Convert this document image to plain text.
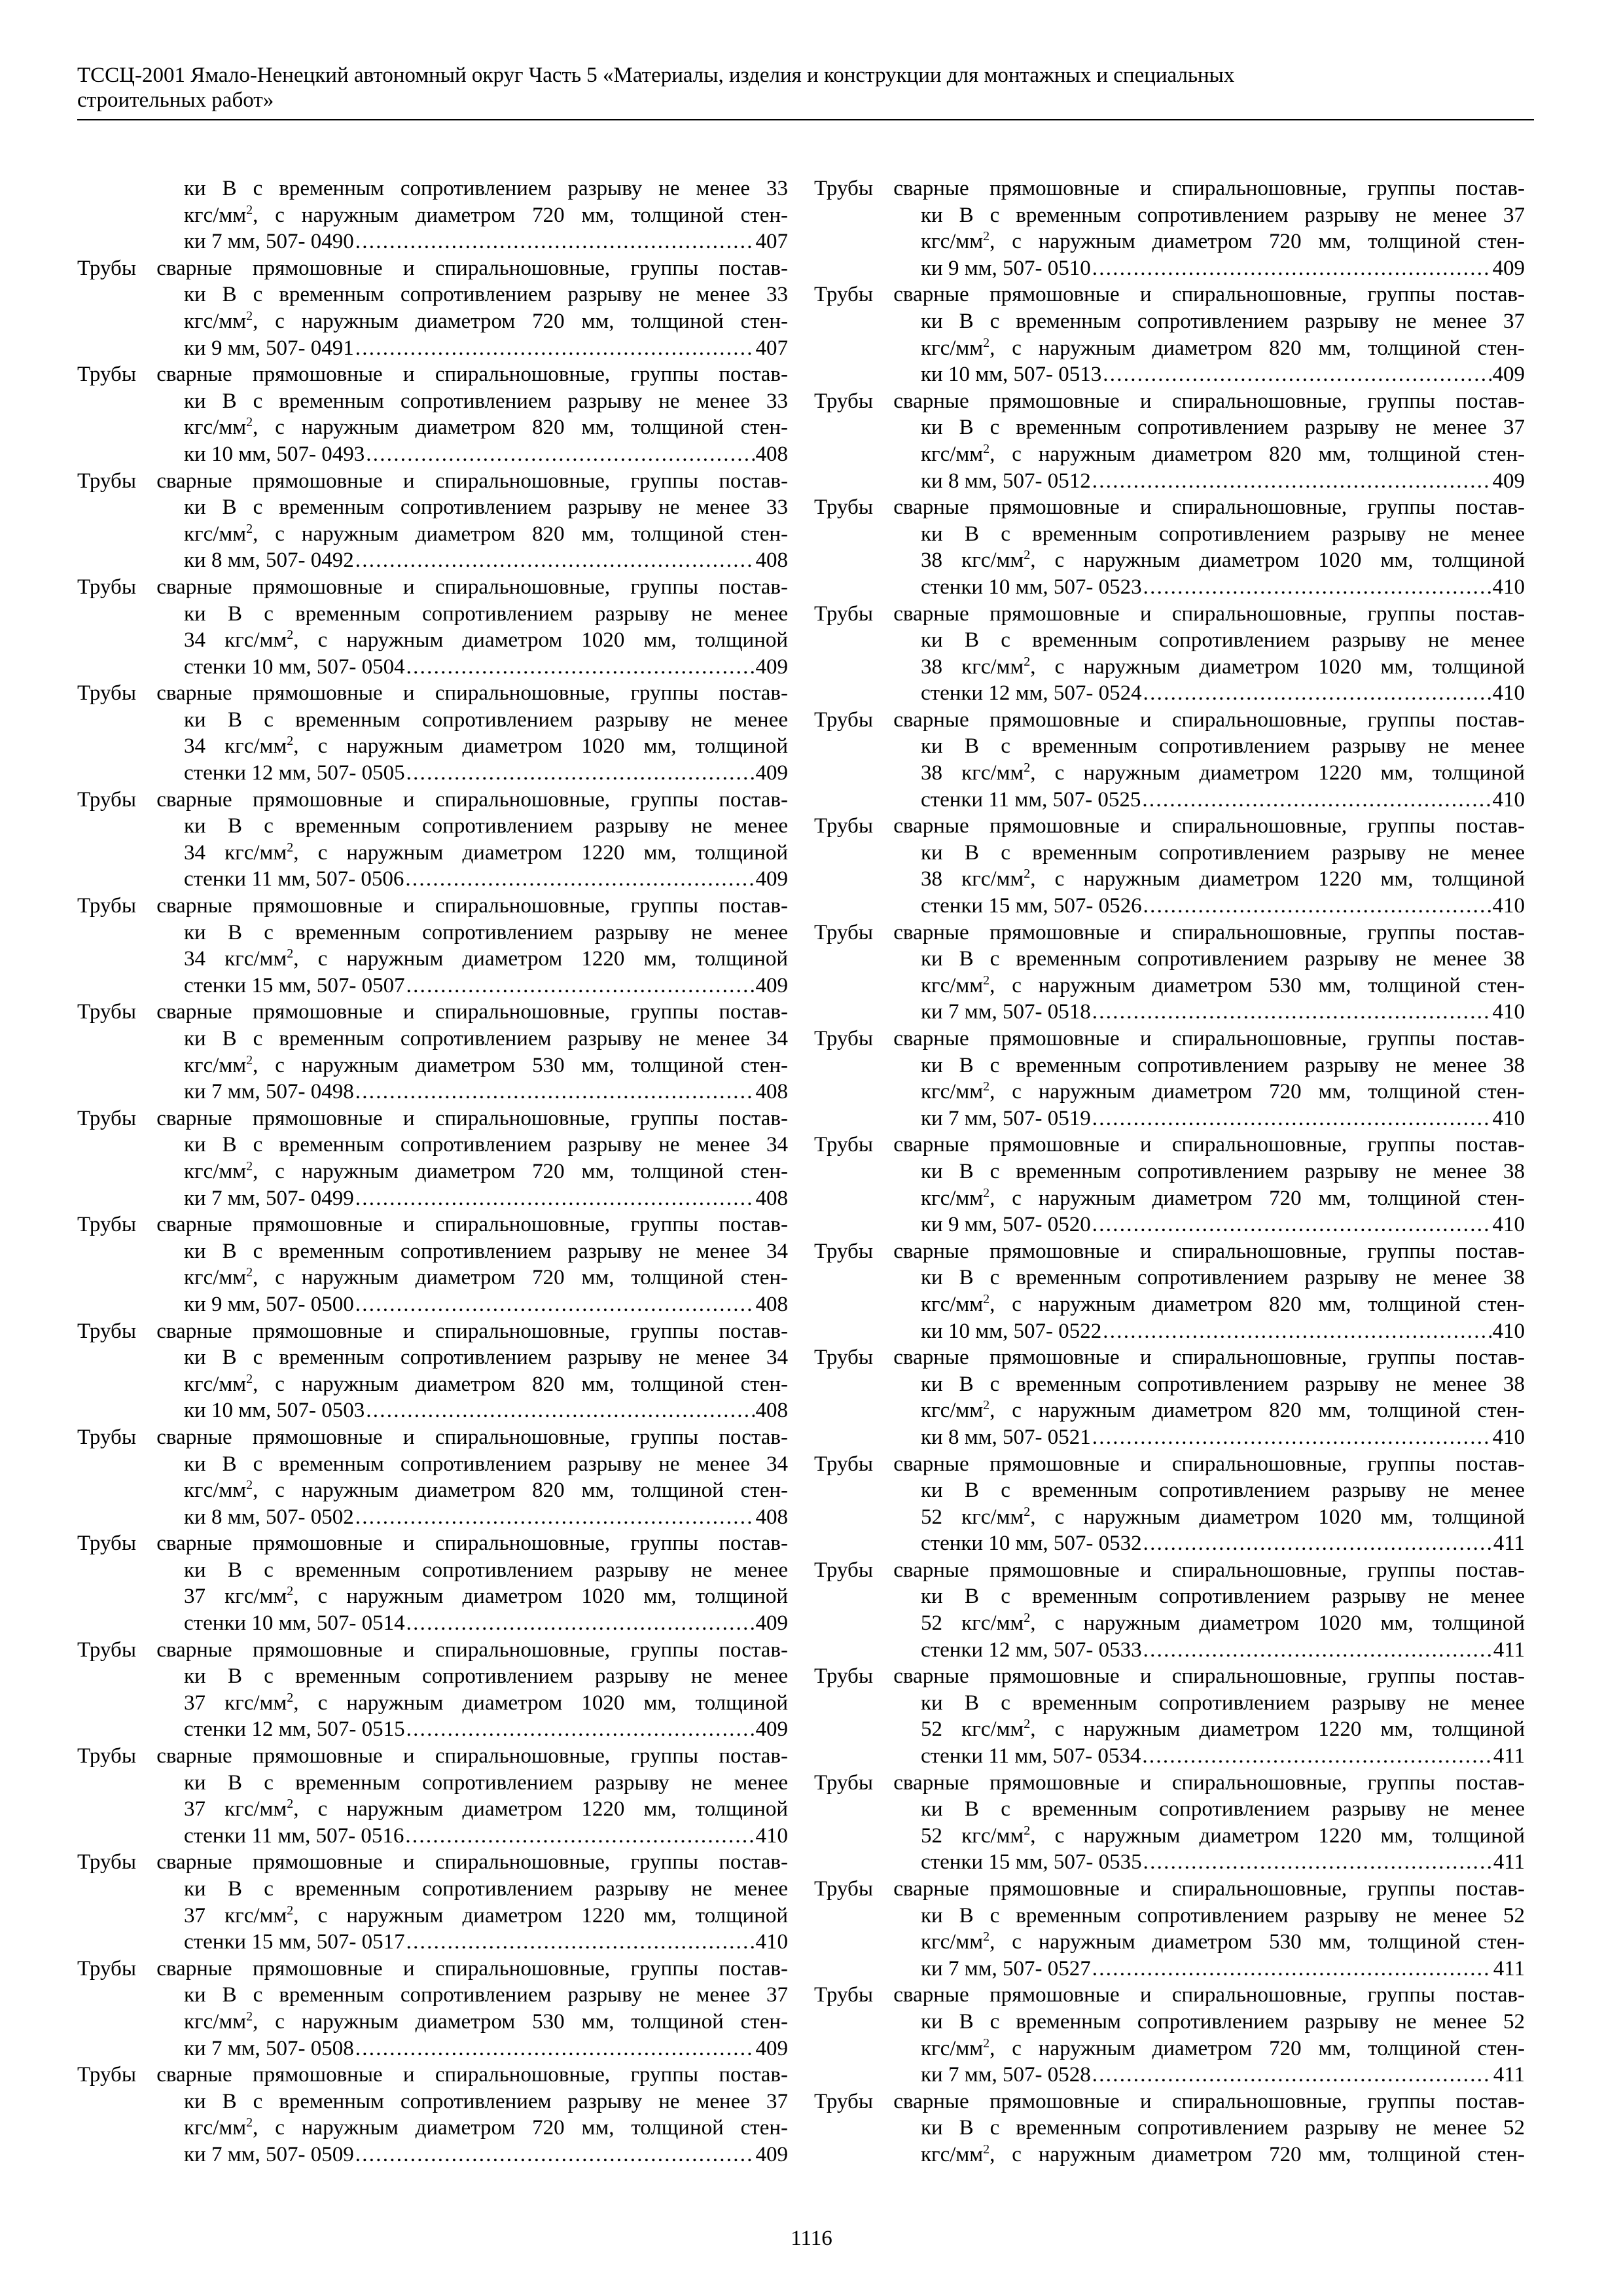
ТССЦ-2001 Ямало-Ненецкий автономный округ Часть 5 «Материалы, изделия и конструкции для монтажных и специальных
строительных работ»
ки В с временным сопротивлением разрыву не менее 33
кгс/$мм^2$, с наружным диаметром 720 мм, толщиной стен-
ки 7 мм, 507- 0490 . . .	407
Трубы сварные прямошовные и спиральношовные, группы постав-
ки В с временным сопротивлением разрыву не менее 33
кгс/$мм^2$, с наружным диаметром 720 мм, толщиной стен-
ки 9 мм, 507- 0491 . . .	407
Трубы сварные прямошовные и спиральношовные, группы постав-
ки В с временным сопротивлением разрыву не менее 33
кгс/$мм^2$, с наружным диаметром 820 мм, толщиной стен-
ки 10 мм, 507- 0493 . . .	408
Трубы сварные прямошовные и спиральношовные, группы постав-
ки В с временным сопротивлением разрыву не менее 33
кгс/$мм^2$, с наружным диаметром 820 мм, толщиной стен-
ки 8 мм, 507- 0492 . . .	408
Трубы сварные прямошовные и спиральношовные, группы постав-
ки В с временным сопротивлением разрыву не менее
34 кгс/$мм^2$, с наружным диаметром 1020 мм, толщиной
стенки 10 мм, 507- 0504 . . .	409
Трубы сварные прямошовные и спиральношовные, группы постав-
ки В с временным сопротивлением разрыву не менее
34 кгс/$мм^2$, с наружным диаметром 1020 мм, толщиной
стенки 12 мм, 507- 0505 . . .	409
Трубы сварные прямошовные и спиральношовные, группы постав-
ки В с временным сопротивлением разрыву не менее
34 кгс/$мм^2$, с наружным диаметром 1220 мм, толщиной
стенки 11 мм, 507- 0506 . . .	409
Трубы сварные прямошовные и спиральношовные, группы постав-
ки В с временным сопротивлением разрыву не менее
34 кгс/$мм^2$, с наружным диаметром 1220 мм, толщиной
стенки 15 мм, 507- 0507 . . .	409
Трубы сварные прямошовные и спиральношовные, группы постав-
ки В с временным сопротивлением разрыву не менее 34
кгс/$мм^2$, с наружным диаметром 530 мм, толщиной стен-
ки 7 мм, 507- 0498 . . .	408
Трубы сварные прямошовные и спиральношовные, группы постав-
ки В с временным сопротивлением разрыву не менее 34
кгс/$мм^2$, с наружным диаметром 720 мм, толщиной стен-
ки 7 мм, 507- 0499 . . .	408
Трубы сварные прямошовные и спиральношовные, группы постав-
ки В с временным сопротивлением разрыву не менее 34
кгс/$мм^2$, с наружным диаметром 720 мм, толщиной стен-
ки 9 мм, 507- 0500 . . .	408
Трубы сварные прямошовные и спиральношовные, группы постав-
ки В с временным сопротивлением разрыву не менее 34
кгс/$мм^2$, с наружным диаметром 820 мм, толщиной стен-
ки 10 мм, 507- 0503 . . .	408
Трубы сварные прямошовные и спиральношовные, группы постав-
ки В с временным сопротивлением разрыву не менее 34
кгс/$мм^2$, с наружным диаметром 820 мм, толщиной стен-
ки 8 мм, 507- 0502 . . .	408
Трубы сварные прямошовные и спиральношовные, группы постав-
ки В с временным сопротивлением разрыву не менее
37 кгс/$мм^2$, с наружным диаметром 1020 мм, толщиной
стенки 10 мм, 507- 0514 . . .	409
Трубы сварные прямошовные и спиральношовные, группы постав-
ки В с временным сопротивлением разрыву не менее
37 кгс/$мм^2$, с наружным диаметром 1020 мм, толщиной
стенки 12 мм, 507- 0515 . . .	409
Трубы сварные прямошовные и спиральношовные, группы постав-
ки В с временным сопротивлением разрыву не менее
37 кгс/$мм^2$, с наружным диаметром 1220 мм, толщиной
стенки 11 мм, 507- 0516 . . .	410
Трубы сварные прямошовные и спиральношовные, группы постав-
ки В с временным сопротивлением разрыву не менее
37 кгс/$мм^2$, с наружным диаметром 1220 мм, толщиной
стенки 15 мм, 507- 0517 . . .	410
Трубы сварные прямошовные и спиральношовные, группы постав-
ки В с временным сопротивлением разрыву не менее 37
кгс/$мм^2$, с наружным диаметром 530 мм, толщиной стен-
ки 7 мм, 507- 0508 . . .	409
Трубы сварные прямошовные и спиральношовные, группы постав-
ки В с временным сопротивлением разрыву не менее 37
кгс/$мм^2$, с наружным диаметром 720 мм, толщиной стен-
ки 7 мм, 507- 0509 . . .	409
Трубы сварные прямошовные и спиральношовные, группы постав-
ки В с временным сопротивлением разрыву не менее 37
кгс/$мм^2$, с наружным диаметром 720 мм, толщиной стен-
ки 9 мм, 507- 0510 . . .	409
Трубы сварные прямошовные и спиральношовные, группы постав-
ки В с временным сопротивлением разрыву не менее 37
кгс/$мм^2$, с наружным диаметром 820 мм, толщиной стен-
ки 10 мм, 507- 0513 . . .	409
Трубы сварные прямошовные и спиральношовные, группы постав-
ки В с временным сопротивлением разрыву не менее 37
кгс/$мм^2$, с наружным диаметром 820 мм, толщиной стен-
ки 8 мм, 507- 0512 . . .	409
Трубы сварные прямошовные и спиральношовные, группы постав-
ки В с временным сопротивлением разрыву не менее
38 кгс/$мм^2$, с наружным диаметром 1020 мм, толщиной
стенки 10 мм, 507- 0523 . . .	410
Трубы сварные прямошовные и спиральношовные, группы постав-
ки В с временным сопротивлением разрыву не менее
38 кгс/$мм^2$, с наружным диаметром 1020 мм, толщиной
стенки 12 мм, 507- 0524 . . .	410
Трубы сварные прямошовные и спиральношовные, группы постав-
ки В с временным сопротивлением разрыву не менее
38 кгс/$мм^2$, с наружным диаметром 1220 мм, толщиной
стенки 11 мм, 507- 0525 . . .	410
Трубы сварные прямошовные и спиральношовные, группы постав-
ки В с временным сопротивлением разрыву не менее
38 кгс/$мм^2$, с наружным диаметром 1220 мм, толщиной
стенки 15 мм, 507- 0526 . . .	410
Трубы сварные прямошовные и спиральношовные, группы постав-
ки В с временным сопротивлением разрыву не менее 38
кгс/$мм^2$, с наружным диаметром 530 мм, толщиной стен-
ки 7 мм, 507- 0518 . . .	410
Трубы сварные прямошовные и спиральношовные, группы постав-
ки В с временным сопротивлением разрыву не менее 38
кгс/$мм^2$, с наружным диаметром 720 мм, толщиной стен-
ки 7 мм, 507- 0519 . . .	410
Трубы сварные прямошовные и спиральношовные, группы постав-
ки В с временным сопротивлением разрыву не менее 38
кгс/$мм^2$, с наружным диаметром 720 мм, толщиной стен-
ки 9 мм, 507- 0520 . . .	410
Трубы сварные прямошовные и спиральношовные, группы постав-
ки В с временным сопротивлением разрыву не менее 38
кгс/$мм^2$, с наружным диаметром 820 мм, толщиной стен-
ки 10 мм, 507- 0522 . . .	410
Трубы сварные прямошовные и спиральношовные, группы постав-
ки В с временным сопротивлением разрыву не менее 38
кгс/$мм^2$, с наружным диаметром 820 мм, толщиной стен-
ки 8 мм, 507- 0521 . . .	410
Трубы сварные прямошовные и спиральношовные, группы постав-
ки В с временным сопротивлением разрыву не менее
52 кгс/$мм^2$, с наружным диаметром 1020 мм, толщиной
стенки 10 мм, 507- 0532 . . .	411
Трубы сварные прямошовные и спиральношовные, группы постав-
ки В с временным сопротивлением разрыву не менее
52 кгс/$мм^2$, с наружным диаметром 1020 мм, толщиной
стенки 12 мм, 507- 0533 . . .	411
Трубы сварные прямошовные и спиральношовные, группы постав-
ки В с временным сопротивлением разрыву не менее
52 кгс/$мм^2$, с наружным диаметром 1220 мм, толщиной
стенки 11 мм, 507- 0534 . . .	411
Трубы сварные прямошовные и спиральношовные, группы постав-
ки В с временным сопротивлением разрыву не менее
52 кгс/$мм^2$, с наружным диаметром 1220 мм, толщиной
стенки 15 мм, 507- 0535 . . .	411
Трубы сварные прямошовные и спиральношовные, группы постав-
ки В с временным сопротивлением разрыву не менее 52
кгс/$мм^2$, с наружным диаметром 530 мм, толщиной стен-
ки 7 мм, 507- 0527 . . .	411
Трубы сварные прямошовные и спиральношовные, группы постав-
ки В с временным сопротивлением разрыву не менее 52
кгс/$мм^2$, с наружным диаметром 720 мм, толщиной стен-
ки 7 мм, 507- 0528 . . .	411
Трубы сварные прямошовные и спиральношовные, группы постав-
ки В с временным сопротивлением разрыву не менее 52
кгс/$мм^2$, с наружным диаметром 720 мм, толщиной стен-
1116
